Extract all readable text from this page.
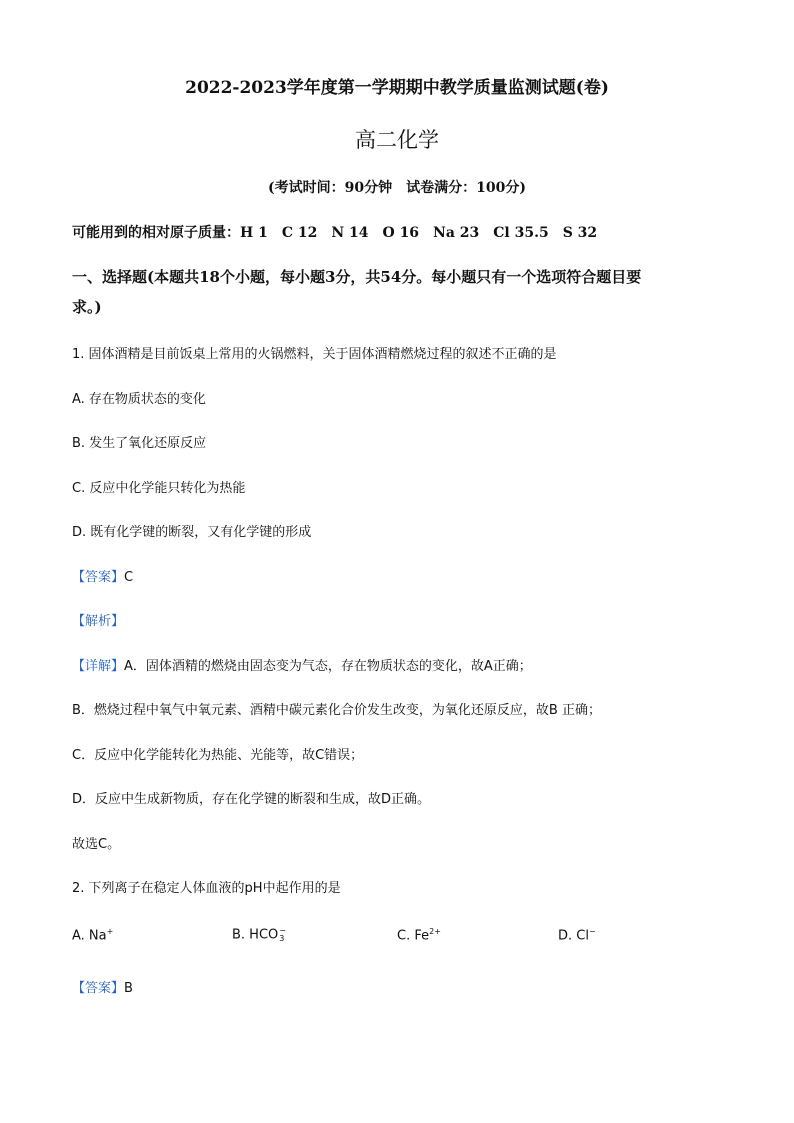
2022-2023学年度第一学期期中教学质量监测试题(卷)
高二化学
(考试时间：90分钟　试卷满分：100分)
可能用到的相对原子质量：H 1　C 12　N 14　O 16　Na 23　Cl 35.5　S 32
一、选择题(本题共18个小题，每小题3分，共54分。每小题只有一个选项符合题目要
求。)
1. 固体酒精是目前饭桌上常用的火锅燃料，关于固体酒精燃烧过程的叙述不正确的是
A. 存在物质状态的变化
B. 发生了氧化还原反应
C. 反应中化学能只转化为热能
D. 既有化学键的断裂，又有化学键的形成
【答案】C
【解析】
【详解】A．固体酒精的燃烧由固态变为气态，存在物质状态的变化，故A正确；
B．燃烧过程中氧气中氧元素、酒精中碳元素化合价发生改变，为氧化还原反应，故B 正确；
C．反应中化学能转化为热能、光能等，故C错误；
D．反应中生成新物质，存在化学键的断裂和生成，故D正确。
故选C。
2. 下列离子在稳定人体血液的pH中起作用的是
A. Na+	B. HCO −
3	C. $Fe^{2+}$	D. Cl−
【答案】B
